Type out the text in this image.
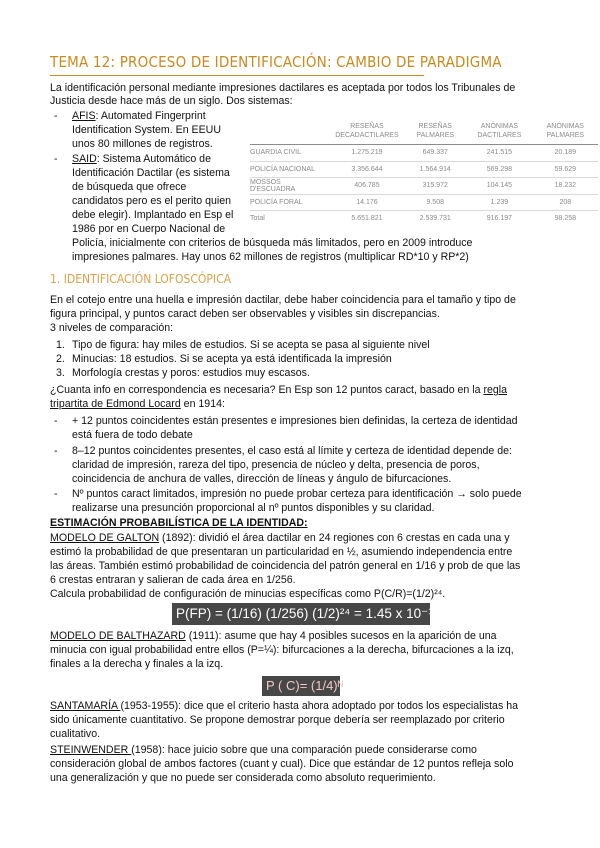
TEMA 12: PROCESO DE IDENTIFICACIÓN: CAMBIO DE PARADIGMA
La identificación personal mediante impresiones dactilares es aceptada por todos los Tribunales de
Justicia desde hace más de un siglo. Dos sistemas:
- AFIS: Automated Fingerprint
Identification System. En EEUU
unos 80 millones de registros.
- SAID: Sistema Automático de
Identificación Dactilar (es sistema
de búsqueda que ofrece
candidatos pero es el perito quien
debe elegir). Implantado en Esp el
1986 por en Cuerpo Nacional de
Policía, inicialmente con criterios de búsqueda más limitados, pero en 2009 introduce
impresiones palmares. Hay unos 62 millones de registros (multiplicar RD*10 y RP*2)
	RESEÑAS DECADACTILARES	RESEÑAS PALMARES	ANÓNIMAS DACTILARES	ANÓNIMAS PALMARES
GUARDIA CIVIL	1.275.219	649.337	241.515	20.189
POLICÍA NACIONAL	3.356.644	1.564.914	569.298	59.629
MOSSOS D'ESCUADRA	406.785	315.972	104.145	18.232
POLICÍA FORAL	14.176	9.508	1.239	208
Total	5.651.821	2.539.731	916.197	98.258
1. IDENTIFICACIÓN LOFOSCÓPICA
En el cotejo entre una huella e impresión dactilar, debe haber coincidencia para el tamaño y tipo de
figura principal, y puntos caract deben ser observables y visibles sin discrepancias.
3 niveles de comparación:
1. Tipo de figura: hay miles de estudios. Si se acepta se pasa al siguiente nivel
2. Minucias: 18 estudios. Si se acepta ya está identificada la impresión
3. Morfología crestas y poros: estudios muy escasos.
¿Cuanta info en correspondencia es necesaria? En Esp son 12 puntos caract, basado en la regla
tripartita de Edmond Locard en 1914:
- + 12 puntos coincidentes están presentes e impresiones bien definidas, la certeza de identidad
está fuera de todo debate
- 8–12 puntos coincidentes presentes, el caso está al límite y certeza de identidad depende de:
claridad de impresión, rareza del tipo, presencia de núcleo y delta, presencia de poros,
coincidencia de anchura de valles, dirección de líneas y ángulo de bifurcaciones.
- Nº puntos caract limitados, impresión no puede probar certeza para identificación → solo puede
realizarse una presunción proporcional al nº puntos disponibles y su claridad.
ESTIMACIÓN PROBABILÍSTICA DE LA IDENTIDAD:
MODELO DE GALTON (1892): dividió el área dactilar en 24 regiones con 6 crestas en cada una y
estimó la probabilidad de que presentaran un particularidad en ½, asumiendo independencia entre
las áreas. También estimó probabilidad de coincidencia del patrón general en 1/16 y prob de que las
6 crestas entraran y salieran de cada área en 1/256.
Calcula probabilidad de configuración de minucias específicas como P(C/R)=(1/2)²⁴.
P(FP) = (1/16) (1/256) (1/2)²⁴ = 1.45 x 10⁻¹¹
MODELO DE BALTHAZARD (1911): asume que hay 4 posibles sucesos en la aparición de una
minucia con igual probabilidad entre ellos (P=¼): bifurcaciones a la derecha, bifurcaciones a la izq,
finales a la derecha y finales a la izq.
P ( C)= (1/4)ᴺ
SANTAMARÍA (1953-1955): dice que el criterio hasta ahora adoptado por todos los especialistas ha
sido únicamente cuantitativo. Se propone demostrar porque debería ser reemplazado por criterio
cualitativo.
STEINWENDER (1958): hace juicio sobre que una comparación puede considerarse como
consideración global de ambos factores (cuant y cual). Dice que estándar de 12 puntos refleja solo
una generalización y que no puede ser considerada como absoluto requerimiento.
